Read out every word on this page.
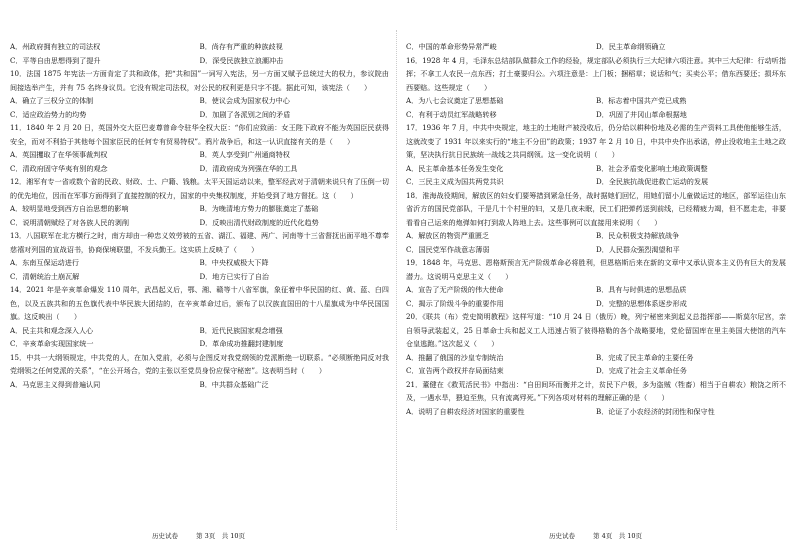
A．州政府拥有独立的司法权	B．尚存有严重的种族歧视
C．平等自由思想得到了提升	D．深受民族独立浪潮冲击

10．法国 1875 年宪法一方面肯定了共和政体，把“共和国”一词写入宪法，另一方面又赋予总统过大的权力，参议院由间接选举产生，并有 75 名终身议员。它没有规定司法权，对公民的权利更是只字不提。据此可知，该宪法（　　）

A．确立了三权分立的体制	B．使议会成为国家权力中心
C．适应政治势力的均势	D．加剧了各派别之间的矛盾

11．1840 年 2 月 20 日，英国外交大臣巴麦尊曾命令驻华全权大臣：“你们应致函：女王陛下政府不能为英国臣民获得安全，而对不利拾于其他每个国家臣民的任何专有贸易特权”。鸦片战争后，和这一认识直接有关的是（　　）

A．英国攫取了在华领事裁判权	B．英人享受到广州通商特权
C．清政府固守华夷有别的观念	D．清政府成为列强在华的工具

12．湘军有专一省或数个省的民政、财政、士、户籍、钱粮。太平天国运动以来，整军经武对于清朝来说只有了压倒一切的优先地位，因而在军事方面得到了直接控制的权力，国家的中央集权制度，并始受到了地方督抚。这（　　）

A．较明显地受到西方自治思想的影响	B．为晚清地方势力的膨胀奠定了基础
C．说明清朝赋经了对各族人民的剥削	D．反映出清代财政制度的近代化趋势

13．八国联军在北方横行之时，南方却由一种忠义效劳被的五省、湖江、福建、两广、河南等十三省督抚出面平地不尊奉慈禧对列国的宣战诏书，协商保境联盟，不发兵勤王。这实质上反映了（　　）

A．东南互保运动进行	B．中央权威极大下降
C．清朝统治土崩瓦解	D．地方已实行了自治

14．2021 年是辛亥革命爆发 110 周年，武昌起义后，鄂、湘、赣等十八省军旗，象征着中华民国的红、黄、蓝、白四色，以及五族共和的五色旗代表中华民族大团结的，在辛亥革命过后，颁布了以汉族直国田的十八星旗成为中华民国国旗。这反映出（　　）

A．民主共和观念深入人心	B．近代民族国家观念增强
C．辛亥革命实现国家统一	D．革命成功推翻封建制度

15．中共一大纲领规定，中共党的人，在加入党前，必须与企图反对我党纲领的党派断绝一切联系。“必须断绝同反对我党纲领之任何党派的关系”，“在公开场合，党的主张以至党员身份应保守秘密”。这表明当时（　　）

A．马克思主义得到普遍认同	B．中共群众基础广泛
历史试卷	第 3页　共 10页
C．中国的革命形势异常严峻	D．民主革命纲领确立

16．1928 年 4 月，毛泽东总结部队做群众工作的经验，规定部队必须执行三大纪律六项注意。其中三大纪律：行动听指挥；不拿工人农民一点东西；打土豪要归公。六项注意是：上门板；捆稻草；说话和气；买卖公平；借东西要还；损坏东西要赔。这些规定（　　）

A．为八七会议奠定了思想基础	B．标志着中国共产党已成熟
C．有利于动员红军战略转移	D．巩固了井冈山革命根据地

17．1936 年 7 月，中共中央规定，地主的土地财产被没收后，仍分给以耕种份地及必需的生产资料工具使他能够生活，这就改变了 1931 年以来实行的“地主不分田”的政策；1937 年 2 月 10 日，中共中央作出承诺，停止没收地主土地之政策，坚决执行抗日民族统一战线之共同纲领。这一变化说明（　　）

A．民主革命基本任务发生变化	B．社会矛盾变化影响土地政策调整
C．三民主义成为国共两党共识	D．全民族抗战促进救亡运动的发展

18．淮海战役期间，解放区的妇女们要筹措到紧急任务，战时据她们回忆，用她们留小儿童做运过的地区，部军运往山东省沂方的国民党部队，干是几十个村里的妇，又是几夜未眠，民工们把弹药送到前线，已经精疲力竭，但不愿走走，非要看看自己运来的炮弹如何打到敌人阵地上去。这些事例可以直接用来说明（　　）

A．解放区的物资严重匮乏	B．民众积极支持解放战争
C．国民党军作战意志薄弱	D．人民群众强烈渴望和平

19．1848 年，马克思、恩格斯预言无产阶级革命必将胜利，但恩格斯后来在新的文章中又承认资本主义仍有巨大的发展潜力。这说明马克思主义（　　）

A．宣告了无产阶级的伟大使命	B．具有与时俱进的思想品质
C．揭示了阶级斗争的重要作用	D．完整的思想体系逐步形成

20．《联共（布）党史简明教程》这样写道：“10 月 24 日（俄历）晚，列宁秘密来到起义总指挥部——斯莫尔尼宫，亲自领导武装起义，25 日革命士兵和起义工人迅速占领了彼得格勒的各个战略要地，党伦留国库在里主美国大使馆的汽车仓皇逃跑。”这次起义（　　）

A．推翻了俄国的沙皇专制统治	B．完成了民主革命的主要任务
C．宣告两个政权并存局面结束	D．完成了社会主义革命任务

21．董健在《救荒活民书》中指出：“自田间环而衡并之计，贫民下户极，多为盗贼（牲畜）相当于自耕农）粮饶之所不及，一遇水旱，猥迫至焦，只有流离殍死。”下列各项对材料的理解正确的是（　　）

A．说明了自耕农经济对国家的重要性	B．论证了小农经济的封闭性和保守性
历史试卷	第 4页　共 10页
